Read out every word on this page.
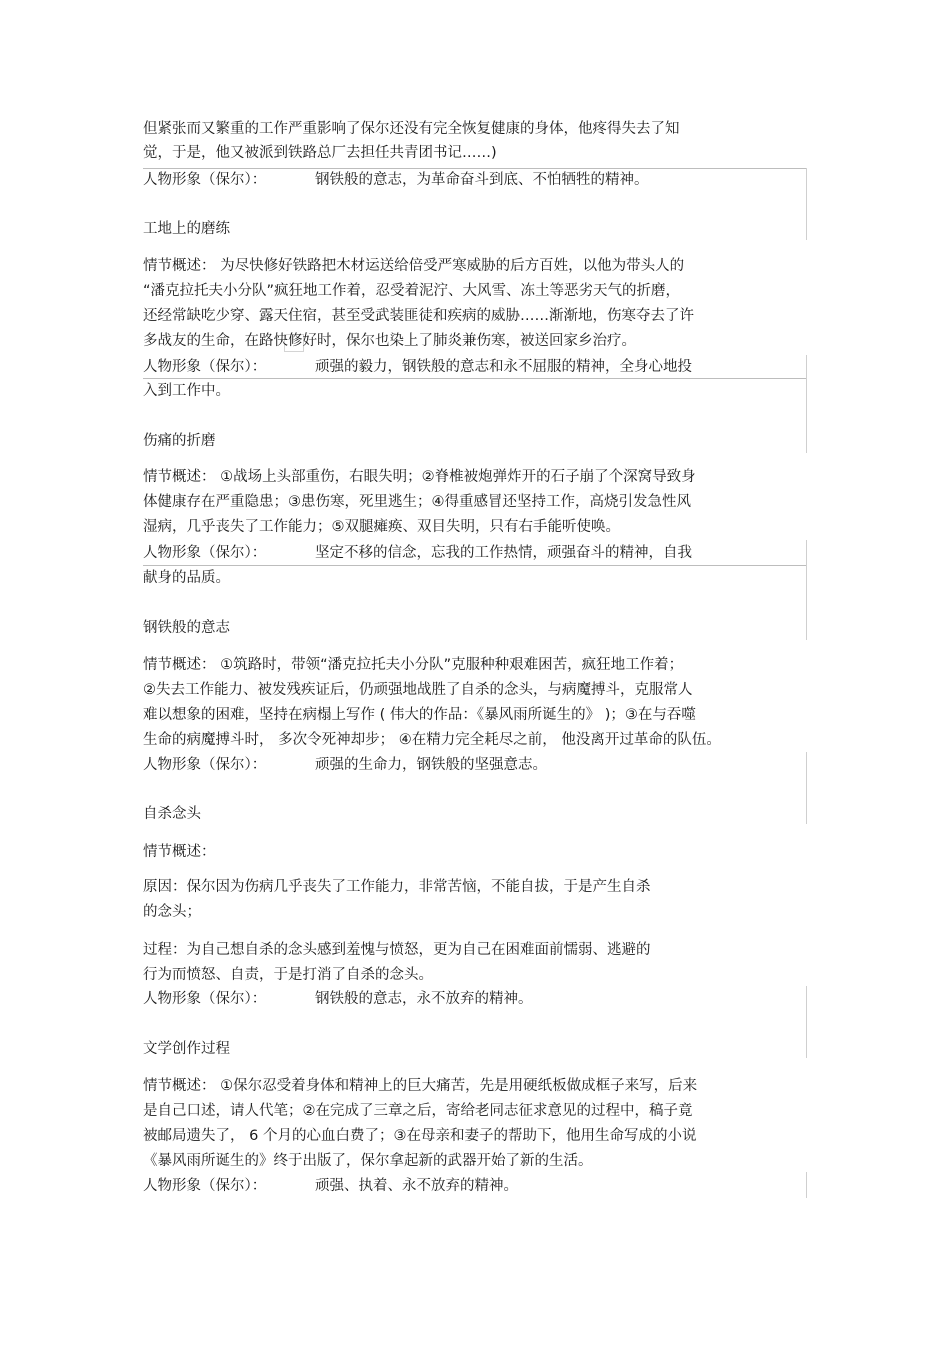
但紧张而又繁重的工作严重影响了保尔还没有完全恢复健康的身体，他疼得失去了知

觉，于是，他又被派到铁路总厂去担任共青团书记……)

人物形象（保尔）：	钢铁般的意志，为革命奋斗到底、不怕牺牲的精神。

工地上的磨练

情节概述： 为尽快修好铁路把木材运送给倍受严寒威胁的后方百姓，以他为带头人的

“潘克拉托夫小分队”疯狂地工作着，忍受着泥泞、大风雪、冻土等恶劣天气的折磨，

还经常缺吃少穿、露天住宿，甚至受武装匪徒和疾病的威胁……渐渐地，伤寒夺去了许

多战友的生命，在路快修好时，保尔也染上了肺炎兼伤寒，被送回家乡治疗。

人物形象（保尔）：	顽强的毅力，钢铁般的意志和永不屈服的精神，全身心地投

入到工作中。

伤痛的折磨

情节概述： ①战场上头部重伤，右眼失明；②脊椎被炮弹炸开的石子崩了个深窝导致身

体健康存在严重隐患；③患伤寒，死里逃生；④得重感冒还坚持工作，高烧引发急性风

湿病，几乎丧失了工作能力；⑤双腿瘫痪、双目失明，只有右手能听使唤。

人物形象（保尔）：	坚定不移的信念，忘我的工作热情，顽强奋斗的精神，自我

献身的品质。

钢铁般的意志

情节概述： ①筑路时，带领“潘克拉托夫小分队”克服种种艰难困苦，疯狂地工作着；

②失去工作能力、被发残疾证后，仍顽强地战胜了自杀的念头，与病魔搏斗，克服常人

难以想象的困难，坚持在病榻上写作 ( 伟大的作品：《暴风雨所诞生的》 )；③在与吞噬

生命的病魔搏斗时， 多次令死神却步； ④在精力完全耗尽之前， 他没离开过革命的队伍。

人物形象（保尔）：	顽强的生命力，钢铁般的坚强意志。

自杀念头

情节概述：

原因：保尔因为伤病几乎丧失了工作能力，非常苦恼，不能自拔，于是产生自杀

的念头；

过程：为自己想自杀的念头感到羞愧与愤怒，更为自己在困难面前懦弱、逃避的

行为而愤怒、自责，于是打消了自杀的念头。

人物形象（保尔）：	钢铁般的意志，永不放弃的精神。

文学创作过程

情节概述： ①保尔忍受着身体和精神上的巨大痛苦，先是用硬纸板做成框子来写，后来

是自己口述，请人代笔；②在完成了三章之后，寄给老同志征求意见的过程中，稿子竟

被邮局遗失了， 6 个月的心血白费了；③在母亲和妻子的帮助下，他用生命写成的小说

《暴风雨所诞生的》终于出版了，保尔拿起新的武器开始了新的生活。

人物形象（保尔）：	顽强、执着、永不放弃的精神。
